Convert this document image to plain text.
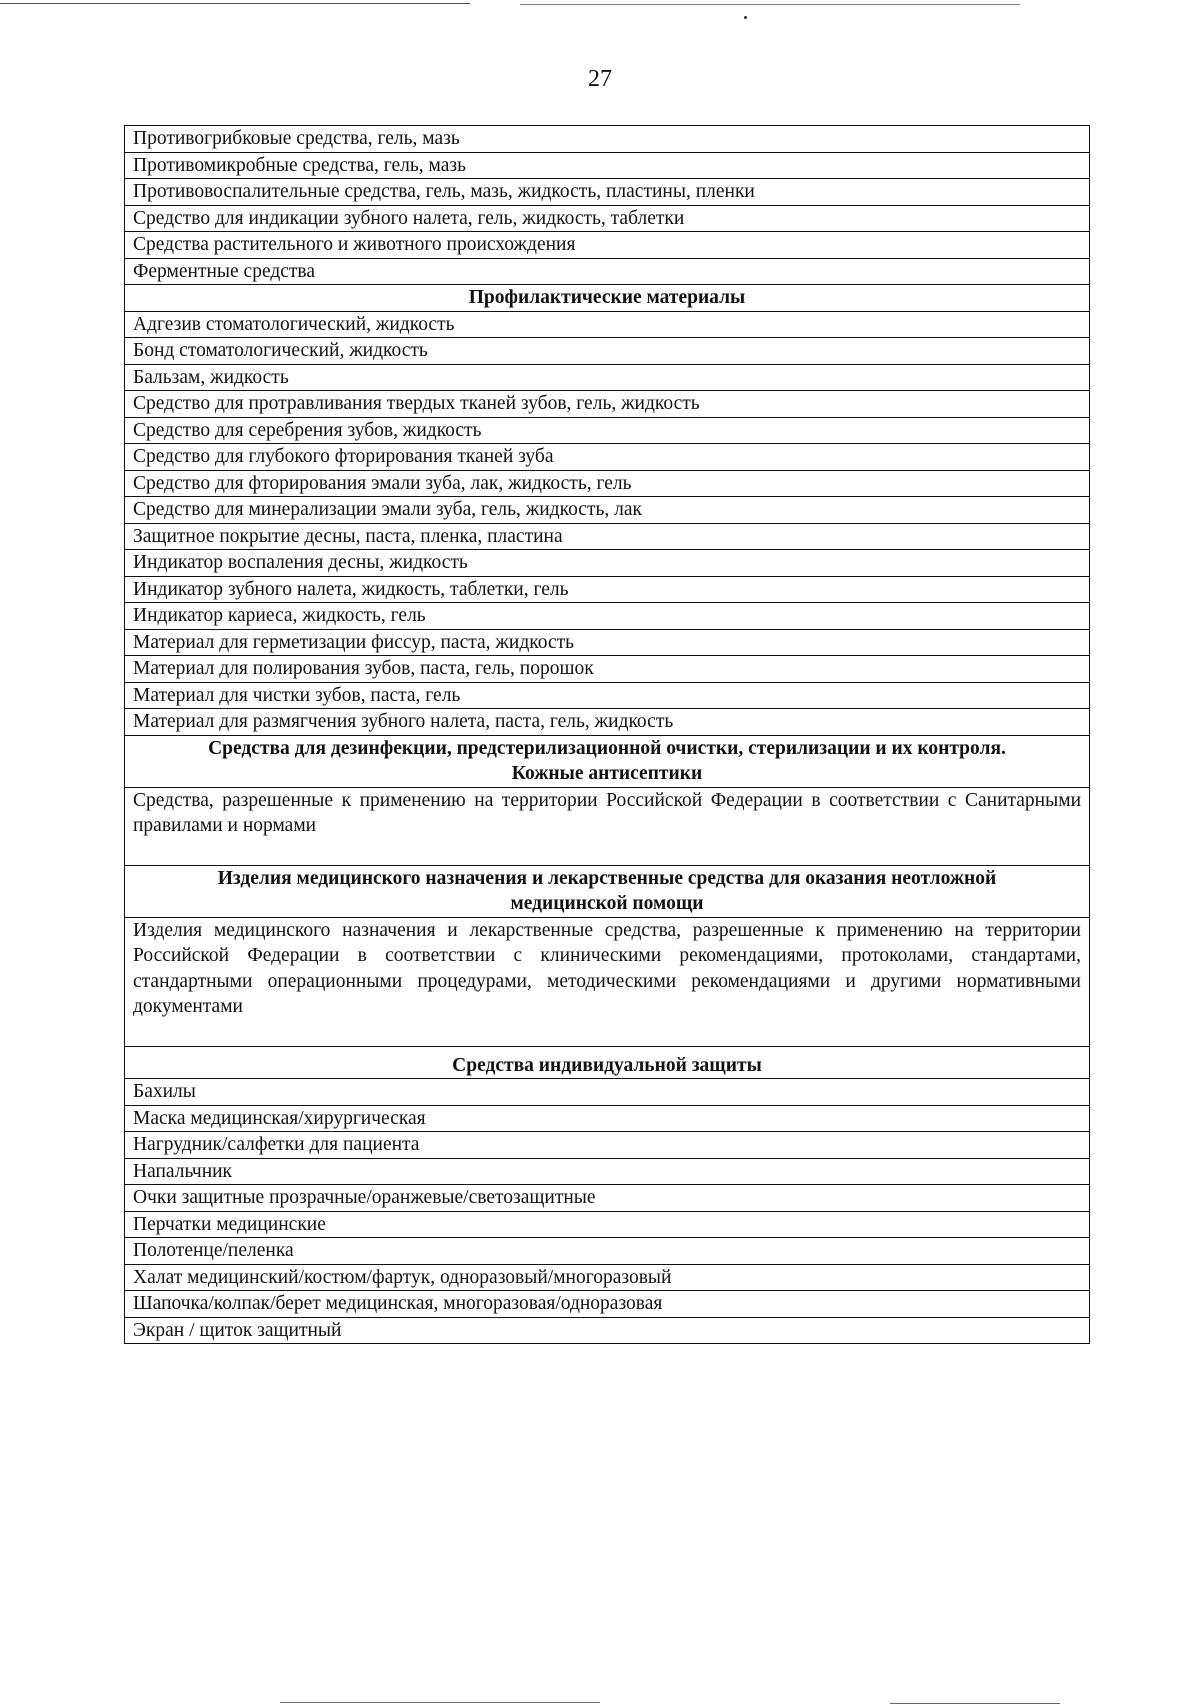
27
Противогрибковые средства, гель, мазь
Противомикробные средства, гель, мазь
Противовоспалительные средства, гель, мазь, жидкость, пластины, пленки
Средство для индикации зубного налета, гель, жидкость, таблетки
Средства растительного и животного происхождения
Ферментные средства

Профилактические материалы

Адгезив стоматологический, жидкость
Бонд стоматологический, жидкость
Бальзам, жидкость
Средство для протравливания твердых тканей зубов, гель, жидкость
Средство для серебрения зубов, жидкость
Средство для глубокого фторирования тканей зуба
Средство для фторирования эмали зуба, лак, жидкость, гель
Средство для минерализации эмали зуба, гель, жидкость, лак
Защитное покрытие десны, паста, пленка, пластина
Индикатор воспаления десны, жидкость
Индикатор зубного налета, жидкость, таблетки, гель
Индикатор кариеса, жидкость, гель
Материал для герметизации фиссур, паста, жидкость
Материал для полирования зубов, паста, гель, порошок
Материал для чистки зубов, паста, гель
Материал для размягчения зубного налета, паста, гель, жидкость

Средства для дезинфекции, предстерилизационной очистки, стерилизации и их контроля.
Кожные антисептики

Средства, разрешенные к применению на территории Российской Федерации в соответствии с Санитарными правилами и нормами

Изделия медицинского назначения и лекарственные средства для оказания неотложной
медицинской помощи

Изделия медицинского назначения и лекарственные средства, разрешенные к применению на территории Российской Федерации в соответствии с клиническими рекомендациями, протоколами, стандартами, стандартными операционными процедурами, методическими рекомендациями и другими нормативными документами

Средства индивидуальной защиты

Бахилы
Маска медицинская/хирургическая
Нагрудник/салфетки для пациента
Напальчник
Очки защитные прозрачные/оранжевые/светозащитные
Перчатки медицинские
Полотенце/пеленка
Халат медицинский/костюм/фартук, одноразовый/многоразовый
Шапочка/колпак/берет медицинская, многоразовая/одноразовая
Экран / щиток защитный
